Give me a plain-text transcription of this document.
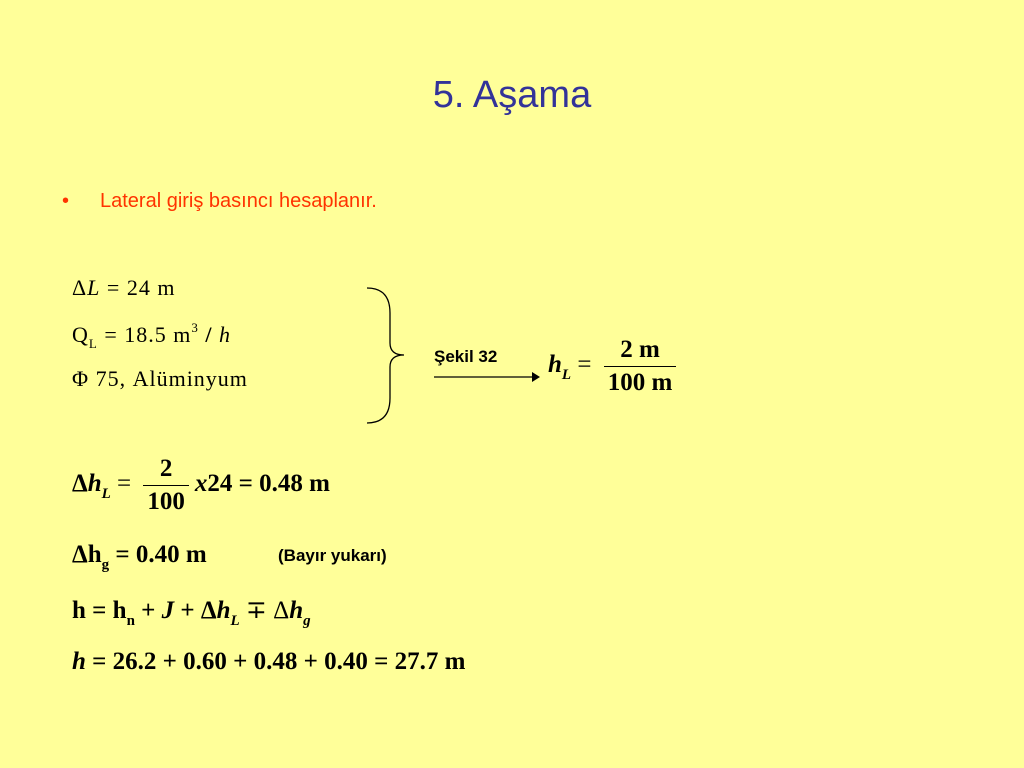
5. Aşama
• Lateral giriş basıncı hesaplanır.
ΔL = 24 m
$Q_L = 18.5$ $m^3$ / h
Φ 75, Alüminyum
Şekil 32 $h_L = \frac{2 m}{100 m}$
$\Delta h_L = \frac{2}{100} x24 = 0.48$ m
$\Delta h_g = 0.40$ m	(Bayır yukarı)
$h = h_n + J + \Delta h_L \mp \Delta h_g$
h = 26.2 + 0.60 + 0.48 + 0.40 = 27.7 m
